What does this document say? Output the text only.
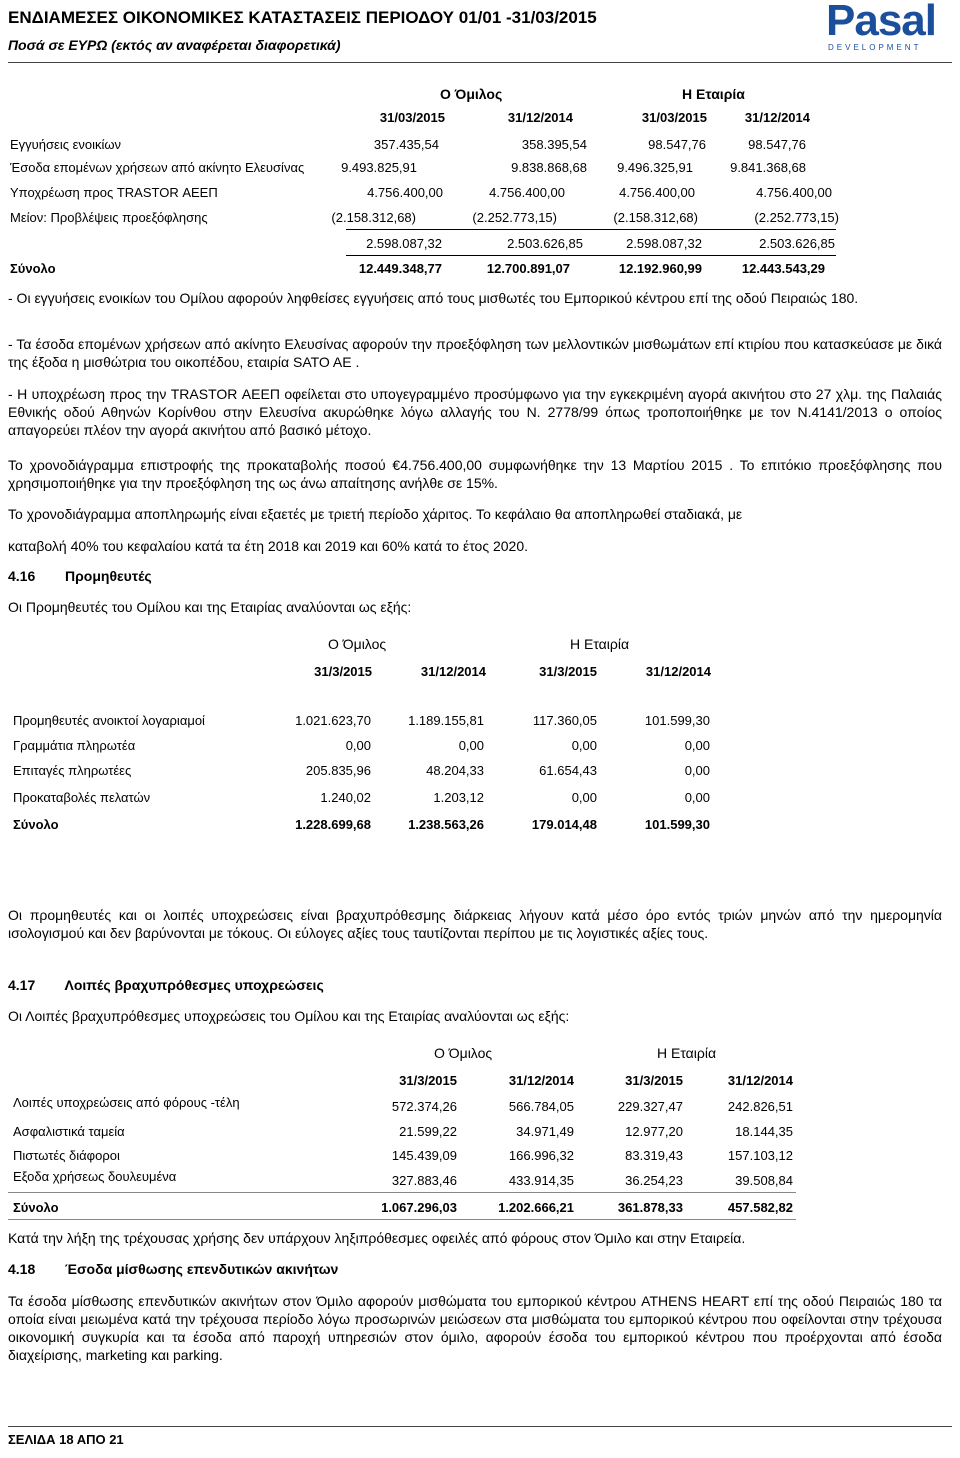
ΕΝΔΙΑΜΕΣΕΣ ΟΙΚΟΝΟΜΙΚΕΣ ΚΑΤΑΣΤΑΣΕΙΣ ΠΕΡΙΟΔΟΥ 01/01 -31/03/2015
Ποσά σε ΕΥΡΩ (εκτός αν αναφέρεται διαφορετικά)	Pasal
DEVELOPMENT
Ο Όμιλος	Η Εταιρία
31/03/2015	31/12/2014	31/03/2015	31/12/2014
Εγγυήσεις ενοικίων	357.435,54	358.395,54	98.547,76	98.547,76
Έσοδα επομένων χρήσεων από ακίνητο Ελευσίνας	9.493.825,91	9.838.868,68 9.496.325,91	9.841.368,68
Υποχρέωση προς TRASTOR ΑΕΕΠ	4.756.400,00	4.756.400,00	4.756.400,00	4.756.400,00
Μείον: Προβλέψεις προεξόφλησης	(2.158.312,68)	(2.252.773,15)	(2.158.312,68)	(2.252.773,15)
2.598.087,32	2.503.626,85	2.598.087,32	2.503.626,85
Σύνολο	12.449.348,77	12.700.891,07	12.192.960,99	12.443.543,29
- Οι εγγυήσεις ενοικίων του Ομίλου αφορούν ληφθείσες εγγυήσεις από τους μισθωτές του Εμπορικού κέντρου επί της οδού Πειραιώς 180.
- Τα έσοδα επομένων χρήσεων από ακίνητο Ελευσίνας αφορούν την προεξόφληση των μελλοντικών μισθωμάτων επί κτιρίου που κατασκεύασε με δικά της έξοδα η μισθώτρια του οικοπέδου, εταιρία SATO AE .
- Η υποχρέωση προς την TRASTOR ΑΕΕΠ οφείλεται στο υπογεγραμμένο προσύμφωνο για την εγκεκριμένη αγορά ακινήτου στο 27 χλμ. της Παλαιάς Εθνικής οδού Αθηνών Κορίνθου στην Ελευσίνα ακυρώθηκε λόγω αλλαγής του Ν. 2778/99 όπως τροποποιήθηκε με τον Ν.4141/2013 ο οποίος απαγορεύει πλέον την αγορά ακινήτου από βασικό μέτοχο.
Το χρονοδιάγραμμα επιστροφής της προκαταβολής ποσού €4.756.400,00 συμφωνήθηκε την 13 Μαρτίου 2015 . Το επιτόκιο προεξόφλησης που χρησιμοποιήθηκε για την προεξόφληση της ως άνω απαίτησης ανήλθε σε 15%.
Το χρονοδιάγραμμα αποπληρωμής είναι εξαετές με τριετή περίοδο χάριτος. Το κεφάλαιο θα αποπληρωθεί σταδιακά, με
καταβολή 40% του κεφαλαίου κατά τα έτη 2018 και 2019 και 60% κατά το έτος 2020.
4.16 Προμηθευτές
Οι Προμηθευτές του Ομίλου και της Εταιρίας αναλύονται ως εξής:
Ο Όμιλος	Η Εταιρία
31/3/2015	31/12/2014	31/3/2015	31/12/2014
Προμηθευτές ανοικτοί λογαριαμοί	1.021.623,70	1.189.155,81	117.360,05	101.599,30
Γραμμάτια πληρωτέα	0,00	0,00	0,00	0,00
Επιταγές πληρωτέες	205.835,96	48.204,33	61.654,43	0,00
Προκαταβολές πελατών	1.240,02	1.203,12	0,00	0,00
Σύνολο	1.228.699,68	1.238.563,26	179.014,48	101.599,30
Οι προμηθευτές και οι λοιπές υποχρεώσεις είναι βραχυπρόθεσμης διάρκειας λήγουν κατά μέσο όρο εντός τριών μηνών από την ημερομηνία ισολογισμού και δεν βαρύνονται με τόκους. Οι εύλογες αξίες τους ταυτίζονται περίπου με τις λογιστικές αξίες τους.
4.17 Λοιπές βραχυπρόθεσμες υποχρεώσεις
Οι Λοιπές βραχυπρόθεσμες υποχρεώσεις του Ομίλου και της Εταιρίας αναλύονται ως εξής:
Ο Όμιλος	Η Εταιρία
31/3/2015	31/12/2014	31/3/2015	31/12/2014
Λοιπές υποχρεώσεις από φόρους -τέλη	572.374,26	566.784,05	229.327,47	242.826,51
Ασφαλιστικά ταμεία	21.599,22	34.971,49	12.977,20	18.144,35
Πιστωτές διάφοροι	145.439,09	166.996,32	83.319,43	157.103,12
Εξοδα χρήσεως δουλευμένα	327.883,46	433.914,35	36.254,23	39.508,84
Σύνολο	1.067.296,03	1.202.666,21	361.878,33	457.582,82
Κατά την λήξη της τρέχουσας χρήσης δεν υπάρχουν ληξιπρόθεσμες οφειλές από φόρους στον Όμιλο και στην Εταιρεία.
4.18 Έσοδα μίσθωσης επενδυτικών ακινήτων
Τα έσοδα μίσθωσης επενδυτικών ακινήτων στον Όμιλο αφορούν μισθώματα του εμπορικού κέντρου ATHENS HEART επί της οδού Πειραιώς 180 τα οποία είναι μειωμένα κατά την τρέχουσα περίοδο λόγω προσωρινών μειώσεων στα μισθώματα του εμπορικού κέντρου που οφείλονται στην τρέχουσα οικονομική συγκυρία και τα έσοδα από παροχή υπηρεσιών στον όμιλο, αφορούν έσοδα του εμπορικού κέντρου που προέρχονται από έσοδα διαχείρισης, marketing και parking.
ΣΕΛΙΔΑ 18 ΑΠΟ 21
